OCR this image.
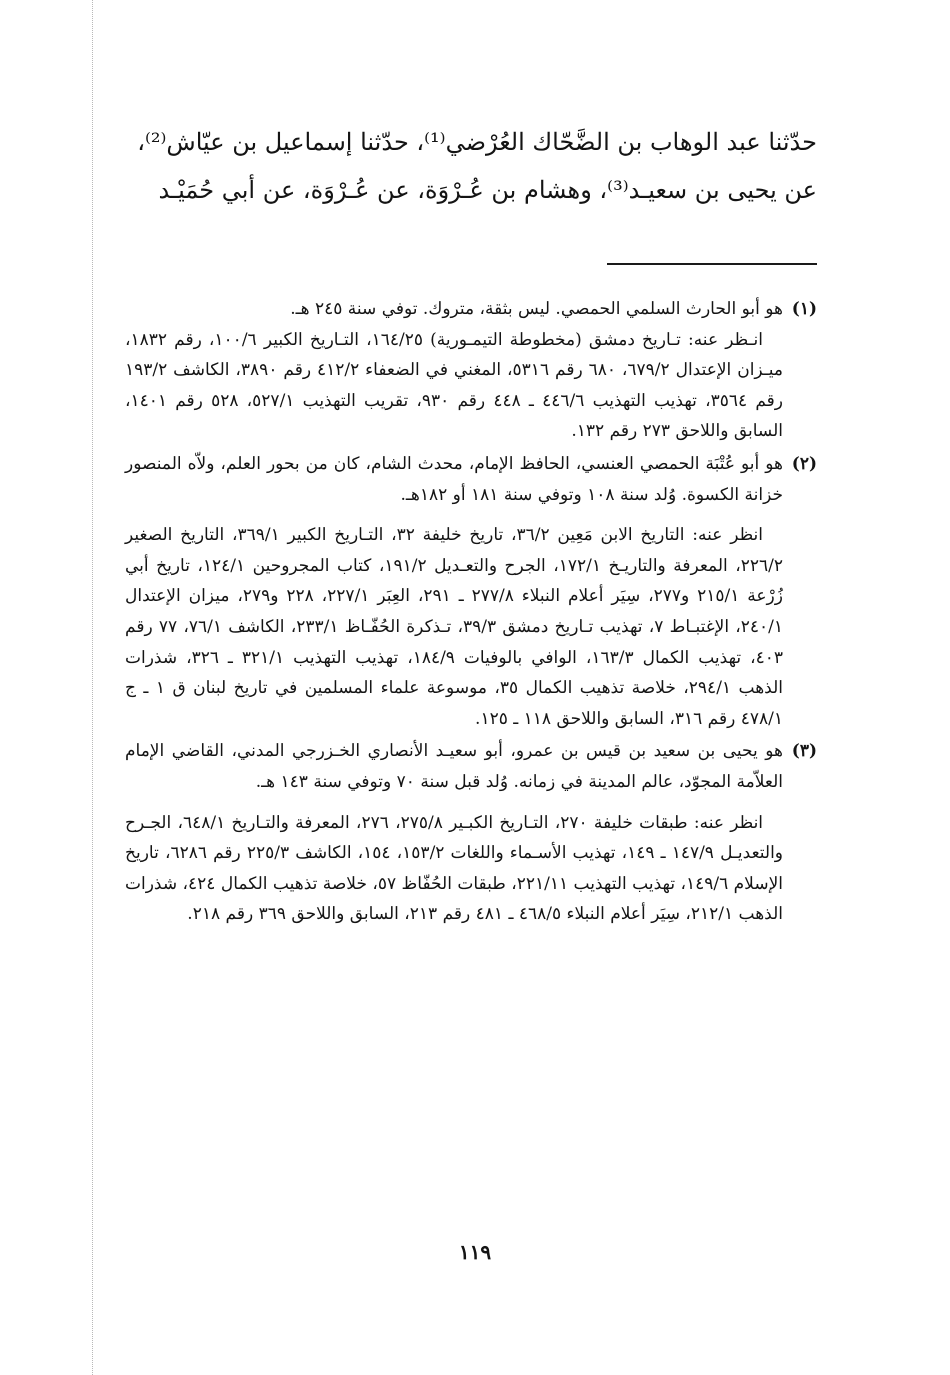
حدّثنا عبد الوهاب بن الضَّحّاك العُرْضي⁽¹⁾، حدّثنا إسماعيل بن عيّاش⁽²⁾،
عن يحيى بن سعيـد⁽³⁾، وهشام بن عُـرْوَة، عن عُـرْوَة، عن أبي حُمَيْـد
(١)

هو أبو الحارث السلمي الحمصي. ليس بثقة، متروك. توفي سنة ٢٤٥ هـ.

انـظر عنه: تـاريخ دمشق (مخطوطة التيمـورية) ١٦٤/٢٥، التـاريخ الكبير ١٠٠/٦، رقم ١٨٣٢، ميـزان الإعتدال ٦٧٩/٢، ٦٨٠ رقم ٥٣١٦، المغني في الضعفاء ٤١٢/٢ رقم ٣٨٩٠، الكاشف ١٩٣/٢ رقم ٣٥٦٤، تهذيب التهذيب ٤٤٦/٦ ـ ٤٤٨ رقم ٩٣٠، تقريب التهذيب ٥٢٧/١، ٥٢٨ رقم ١٤٠١، السابق واللاحق ٢٧٣ رقم ١٣٢.

(٢)

هو أبو عُتْبَة الحمصي العنسي، الحافظ الإمام، محدث الشام، كان من بحور العلم، ولاّه المنصور خزانة الكسوة. وُلد سنة ١٠٨ وتوفي سنة ١٨١ أو ١٨٢هـ.

انظر عنه: التاريخ الابن مَعِين ٣٦/٢، تاريخ خليفة ٣٢، التـاريخ الكبير ٣٦٩/١، التاريخ الصغير ٢٢٦/٢، المعرفة والتاريـخ ١٧٢/١، الجرح والتعـديل ١٩١/٢، كتاب المجروحين ١٢٤/١، تاريخ أبي زُرْعة ٢١٥/١ و٢٧٧، سِيَر أعلام النبلاء ٢٧٧/٨ ـ ٢٩١، العِبَر ٢٢٧/١، ٢٢٨ و٢٧٩، ميزان الإعتدال ٢٤٠/١، الإغتبـاط ٧، تهذيب تـاريخ دمشق ٣٩/٣، تـذكرة الحُفّـاظ ٢٣٣/١، الكاشف ٧٦/١، ٧٧ رقم ٤٠٣، تهذيب الكمال ١٦٣/٣، الوافي بالوفيات ١٨٤/٩، تهذيب التهذيب ٣٢١/١ ـ ٣٢٦، شذرات الذهب ٢٩٤/١، خلاصة تذهيب الكمال ٣٥، موسوعة علماء المسلمين في تاريخ لبنان ق ١ ـ ج ٤٧٨/١ رقم ٣١٦، السابق واللاحق ١١٨ ـ ١٢٥.

(٣)

هو يحيى بن سعيد بن قيس بن عمرو، أبو سعيـد الأنصاري الخـزرجي المدني، القاضي الإمام العلاّمة المجوّد، عالم المدينة في زمانه. وُلد قبل سنة ٧٠ وتوفي سنة ١٤٣ هـ.

انظر عنه: طبقات خليفة ٢٧٠، التـاريخ الكبـير ٢٧٥/٨، ٢٧٦، المعرفة والتـاريخ ٦٤٨/١، الجـرح والتعديـل ١٤٧/٩ ـ ١٤٩، تهذيب الأسـماء واللغات ١٥٣/٢، ١٥٤، الكاشف ٢٢٥/٣ رقم ٦٢٨٦، تاريخ الإسلام ١٤٩/٦، تهذيب التهذيب ٢٢١/١١، طبقات الحُفّاظ ٥٧، خلاصة تذهيب الكمال ٤٢٤، شذرات الذهب ٢١٢/١، سِيَر أعلام النبلاء ٤٦٨/٥ ـ ٤٨١ رقم ٢١٣، السابق واللاحق ٣٦٩ رقم ٢١٨.

١١٩
